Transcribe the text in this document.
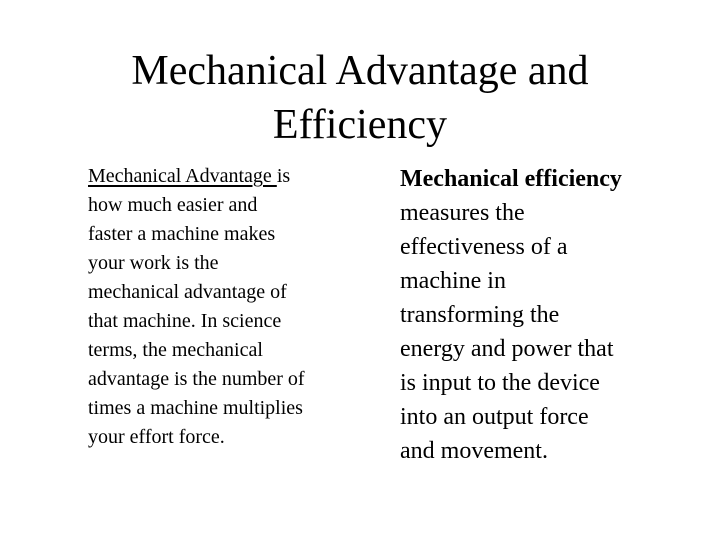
Mechanical Advantage and
Efficiency
Mechanical Advantage is
how much easier and
faster a machine makes
your work is the
mechanical advantage of
that machine. In science
terms, the mechanical
advantage is the number of
times a machine multiplies
your effort force.
Mechanical efficiency
measures the
effectiveness of a
machine in
transforming the
energy and power that
is input to the device
into an output force
and movement.
